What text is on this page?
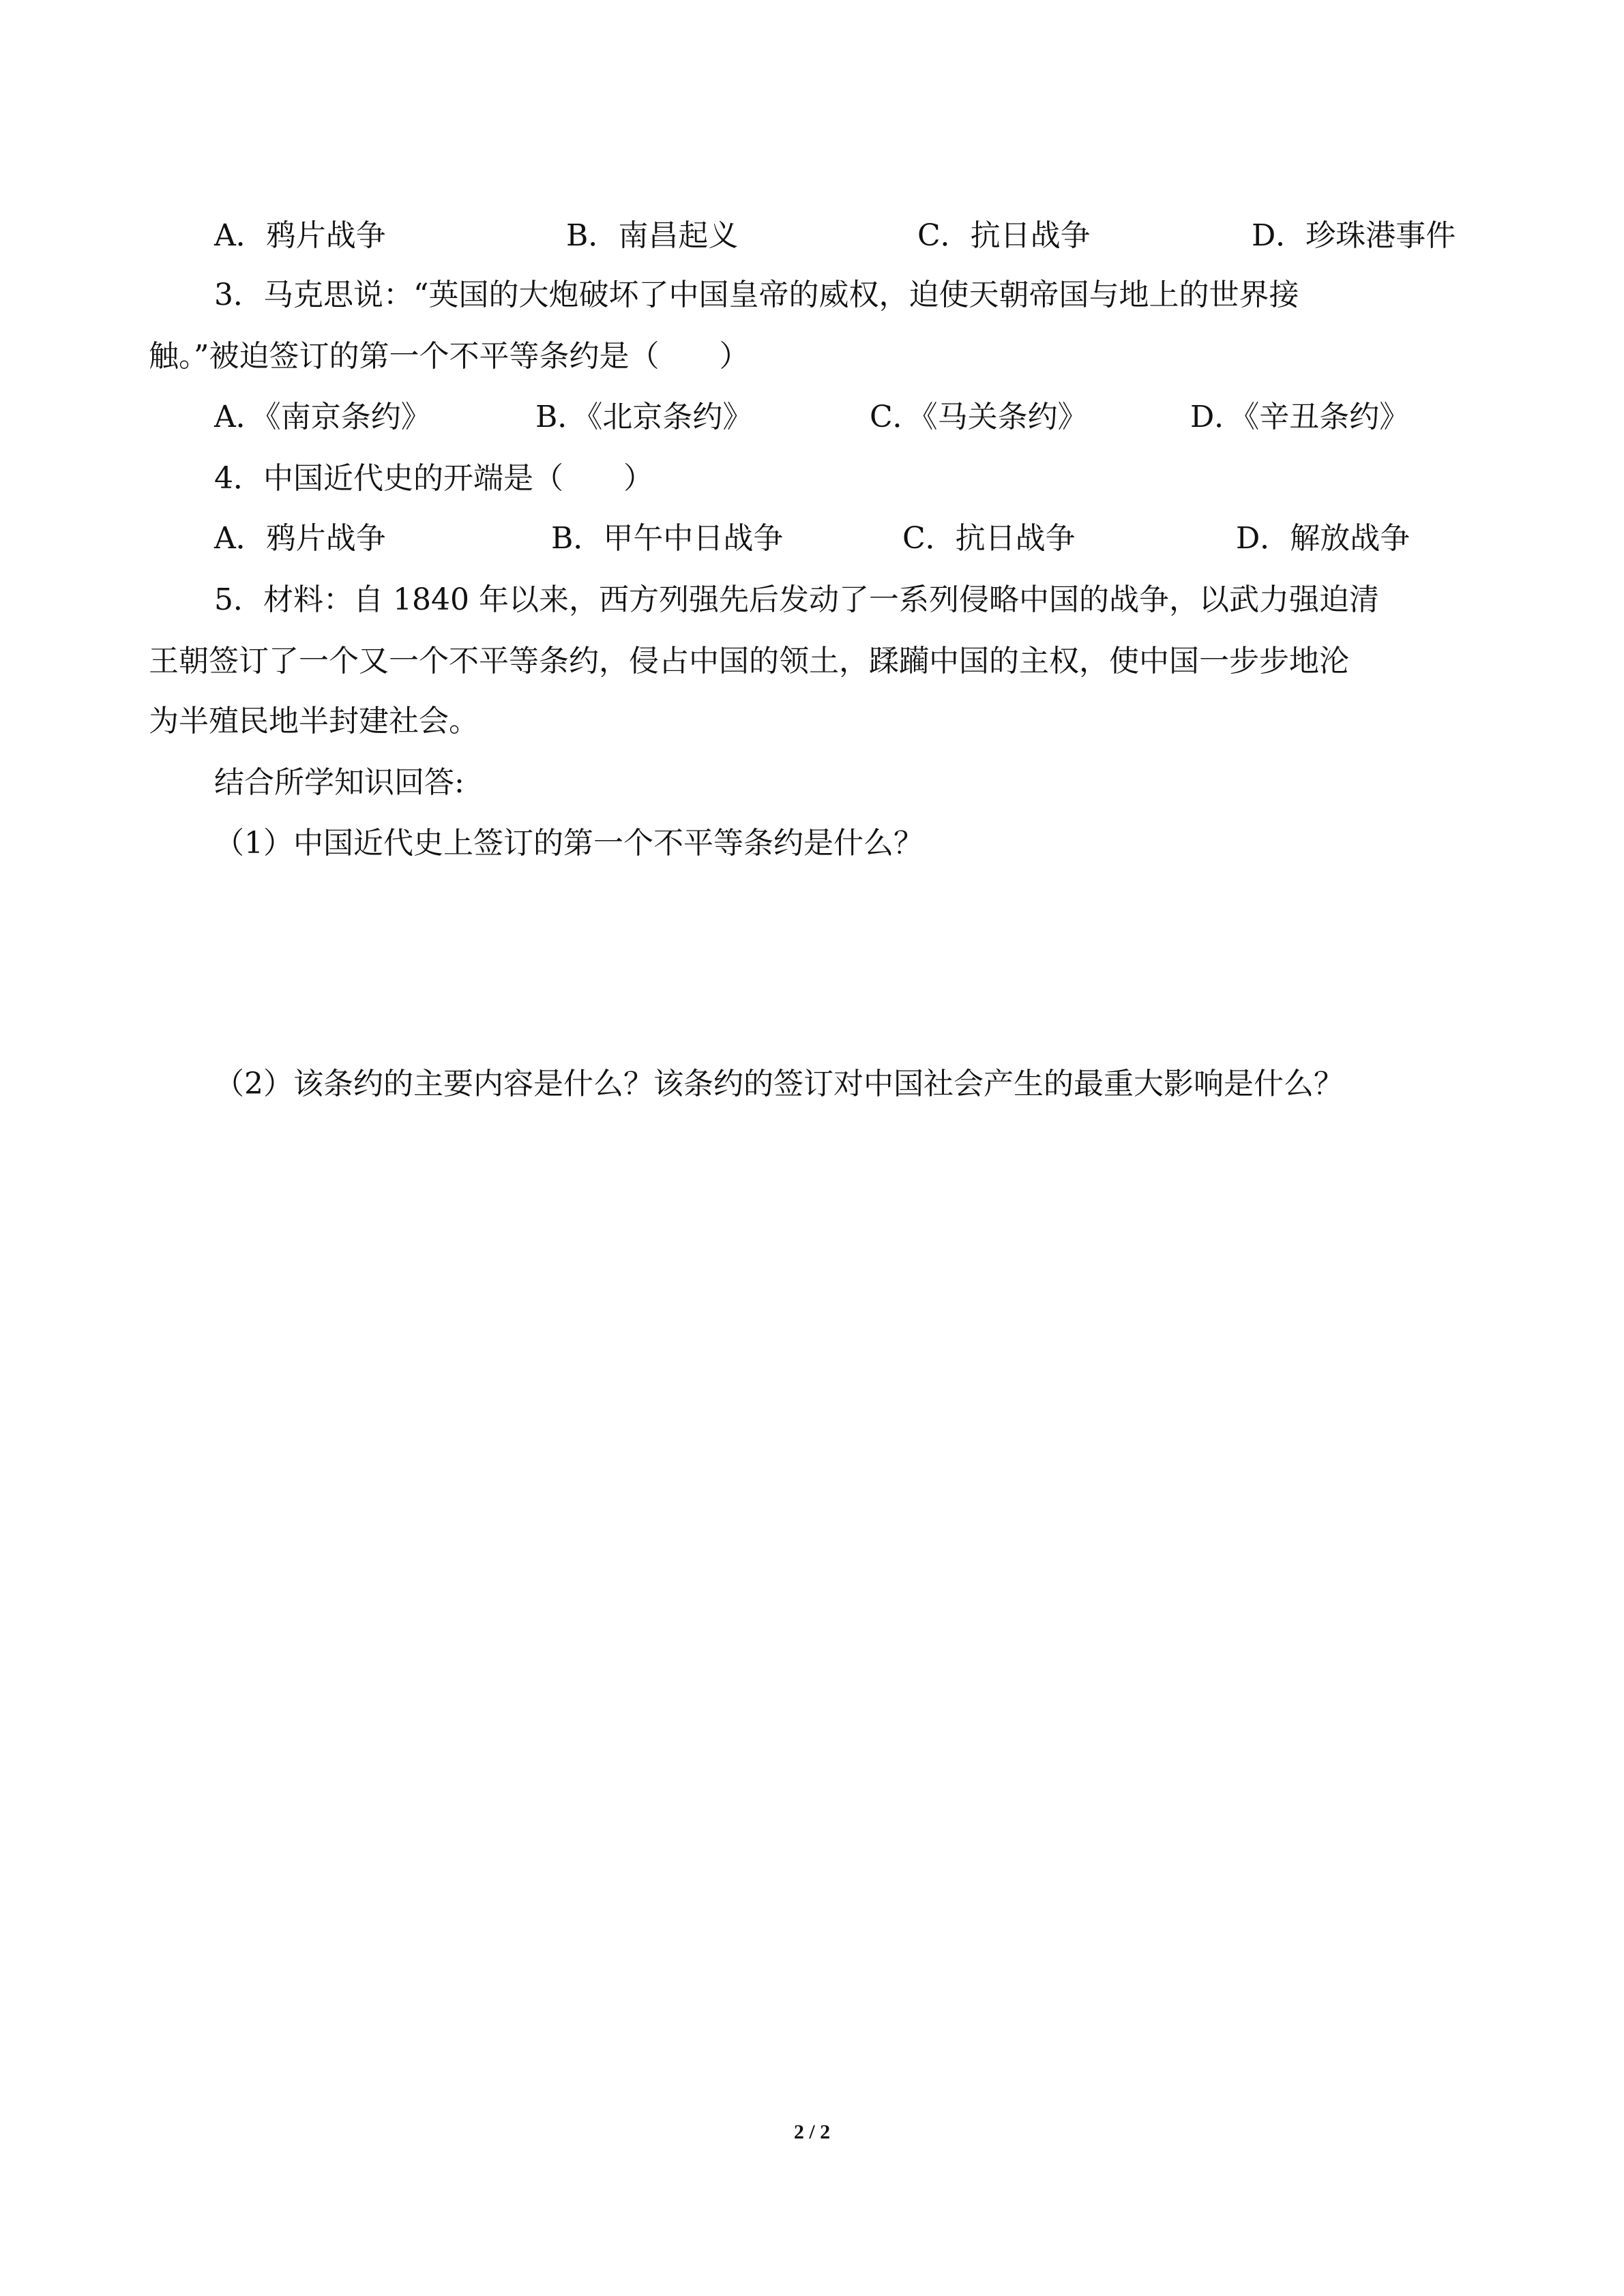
A．鸦片战争	B．南昌起义	C．抗日战争	D．珍珠港事件
3．马克思说：“英国的大炮破坏了中国皇帝的威权，迫使天朝帝国与地上的世界接
触。”被迫签订的第一个不平等条约是（　　）
A．《南京条约》	B．《北京条约》	C．《马关条约》	D．《辛丑条约》
4．中国近代史的开端是（　　）
A．鸦片战争	B．甲午中日战争	C．抗日战争	D．解放战争
5．材料：自 1840 年以来，西方列强先后发动了一系列侵略中国的战争，以武力强迫清
王朝签订了一个又一个不平等条约，侵占中国的领土，蹂躏中国的主权，使中国一步步地沦
为半殖民地半封建社会。
结合所学知识回答:
（1）中国近代史上签订的第一个不平等条约是什么？
（2）该条约的主要内容是什么？该条约的签订对中国社会产生的最重大影响是什么？
2 / 2
